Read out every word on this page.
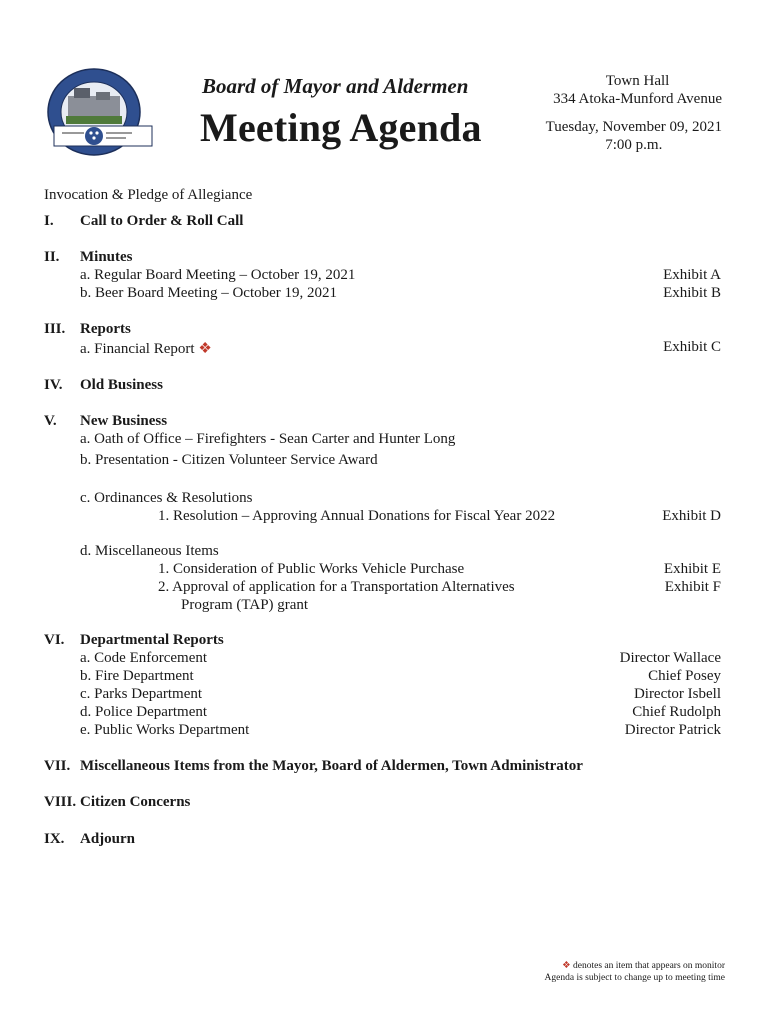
Board of Mayor and Aldermen
Meeting Agenda
Town Hall
334 Atoka-Munford Avenue
Tuesday, November 09, 2021
7:00 p.m.
Invocation & Pledge of Allegiance
I. Call to Order & Roll Call
II. Minutes
a. Regular Board Meeting – October 19, 2021	Exhibit A
b. Beer Board Meeting – October 19, 2021	Exhibit B
III. Reports
a. Financial Report ❖	Exhibit C
IV. Old Business
V. New Business
a. Oath of Office – Firefighters - Sean Carter and Hunter Long
b. Presentation - Citizen Volunteer Service Award
c. Ordinances & Resolutions
1. Resolution – Approving Annual Donations for Fiscal Year 2022	Exhibit D
d. Miscellaneous Items
1. Consideration of Public Works Vehicle Purchase	Exhibit E
2. Approval of application for a Transportation Alternatives	Exhibit F
Program (TAP) grant
VI. Departmental Reports
a. Code Enforcement	Director Wallace
b. Fire Department	Chief Posey
c. Parks Department	Director Isbell
d. Police Department	Chief Rudolph
e. Public Works Department	Director Patrick
VII. Miscellaneous Items from the Mayor, Board of Aldermen, Town Administrator
VIII. Citizen Concerns
IX. Adjourn
❖ denotes an item that appears on monitor
Agenda is subject to change up to meeting time
